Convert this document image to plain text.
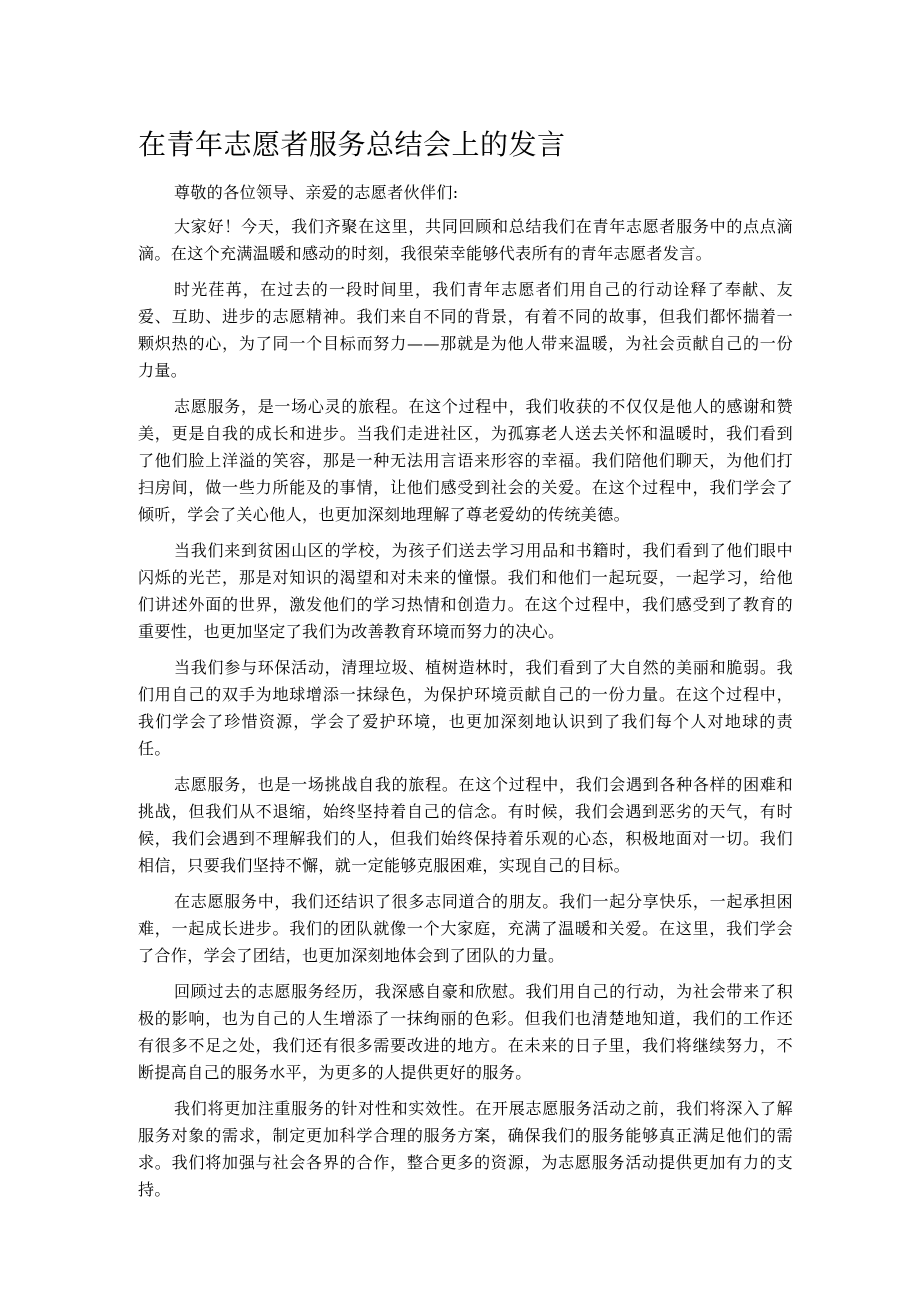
在青年志愿者服务总结会上的发言

尊敬的各位领导、亲爱的志愿者伙伴们:

大家好！今天，我们齐聚在这里，共同回顾和总结我们在青年志愿者服务中的点点滴滴。在这个充满温暖和感动的时刻，我很荣幸能够代表所有的青年志愿者发言。

时光荏苒，在过去的一段时间里，我们青年志愿者们用自己的行动诠释了奉献、友爱、互助、进步的志愿精神。我们来自不同的背景，有着不同的故事，但我们都怀揣着一颗炽热的心，为了同一个目标而努力——那就是为他人带来温暖，为社会贡献自己的一份力量。

志愿服务，是一场心灵的旅程。在这个过程中，我们收获的不仅仅是他人的感谢和赞美，更是自我的成长和进步。当我们走进社区，为孤寡老人送去关怀和温暖时，我们看到了他们脸上洋溢的笑容，那是一种无法用言语来形容的幸福。我们陪他们聊天，为他们打扫房间，做一些力所能及的事情，让他们感受到社会的关爱。在这个过程中，我们学会了倾听，学会了关心他人，也更加深刻地理解了尊老爱幼的传统美德。

当我们来到贫困山区的学校，为孩子们送去学习用品和书籍时，我们看到了他们眼中闪烁的光芒，那是对知识的渴望和对未来的憧憬。我们和他们一起玩耍，一起学习，给他们讲述外面的世界，激发他们的学习热情和创造力。在这个过程中，我们感受到了教育的重要性，也更加坚定了我们为改善教育环境而努力的决心。

当我们参与环保活动，清理垃圾、植树造林时，我们看到了大自然的美丽和脆弱。我们用自己的双手为地球增添一抹绿色，为保护环境贡献自己的一份力量。在这个过程中，我们学会了珍惜资源，学会了爱护环境，也更加深刻地认识到了我们每个人对地球的责任。

志愿服务，也是一场挑战自我的旅程。在这个过程中，我们会遇到各种各样的困难和挑战，但我们从不退缩，始终坚持着自己的信念。有时候，我们会遇到恶劣的天气，有时候，我们会遇到不理解我们的人，但我们始终保持着乐观的心态，积极地面对一切。我们相信，只要我们坚持不懈，就一定能够克服困难，实现自己的目标。

在志愿服务中，我们还结识了很多志同道合的朋友。我们一起分享快乐，一起承担困难，一起成长进步。我们的团队就像一个大家庭，充满了温暖和关爱。在这里，我们学会了合作，学会了团结，也更加深刻地体会到了团队的力量。

回顾过去的志愿服务经历，我深感自豪和欣慰。我们用自己的行动，为社会带来了积极的影响，也为自己的人生增添了一抹绚丽的色彩。但我们也清楚地知道，我们的工作还有很多不足之处，我们还有很多需要改进的地方。在未来的日子里，我们将继续努力，不断提高自己的服务水平，为更多的人提供更好的服务。

我们将更加注重服务的针对性和实效性。在开展志愿服务活动之前，我们将深入了解服务对象的需求，制定更加科学合理的服务方案，确保我们的服务能够真正满足他们的需求。我们将加强与社会各界的合作，整合更多的资源，为志愿服务活动提供更加有力的支持。
